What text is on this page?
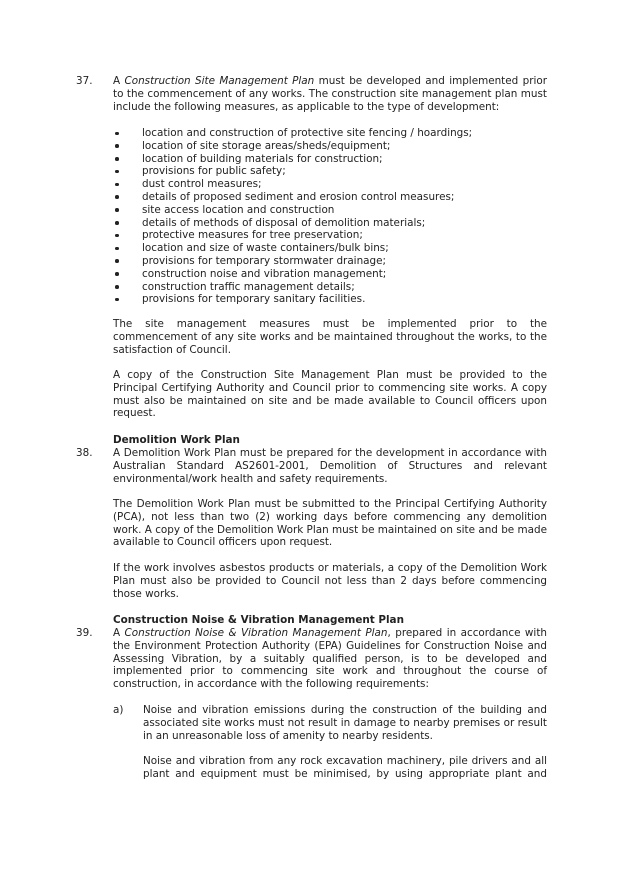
37. A Construction Site Management Plan must be developed and implemented prior to the commencement of any works. The construction site management plan must include the following measures, as applicable to the type of development:
location and construction of protective site fencing / hoardings;
location of site storage areas/sheds/equipment;
location of building materials for construction;
provisions for public safety;
dust control measures;
details of proposed sediment and erosion control measures;
site access location and construction
details of methods of disposal of demolition materials;
protective measures for tree preservation;
location and size of waste containers/bulk bins;
provisions for temporary stormwater drainage;
construction noise and vibration management;
construction traffic management details;
provisions for temporary sanitary facilities.
The site management measures must be implemented prior to the commencement of any site works and be maintained throughout the works, to the satisfaction of Council.
A copy of the Construction Site Management Plan must be provided to the Principal Certifying Authority and Council prior to commencing site works. A copy must also be maintained on site and be made available to Council officers upon request.
Demolition Work Plan
38. A Demolition Work Plan must be prepared for the development in accordance with Australian Standard AS2601-2001, Demolition of Structures and relevant environmental/work health and safety requirements.
The Demolition Work Plan must be submitted to the Principal Certifying Authority (PCA), not less than two (2) working days before commencing any demolition work. A copy of the Demolition Work Plan must be maintained on site and be made available to Council officers upon request.
If the work involves asbestos products or materials, a copy of the Demolition Work Plan must also be provided to Council not less than 2 days before commencing those works.
Construction Noise & Vibration Management Plan
39. A Construction Noise & Vibration Management Plan, prepared in accordance with the Environment Protection Authority (EPA) Guidelines for Construction Noise and Assessing Vibration, by a suitably qualified person, is to be developed and implemented prior to commencing site work and throughout the course of construction, in accordance with the following requirements:
a) Noise and vibration emissions during the construction of the building and associated site works must not result in damage to nearby premises or result in an unreasonable loss of amenity to nearby residents.
Noise and vibration from any rock excavation machinery, pile drivers and all plant and equipment must be minimised, by using appropriate plant and
